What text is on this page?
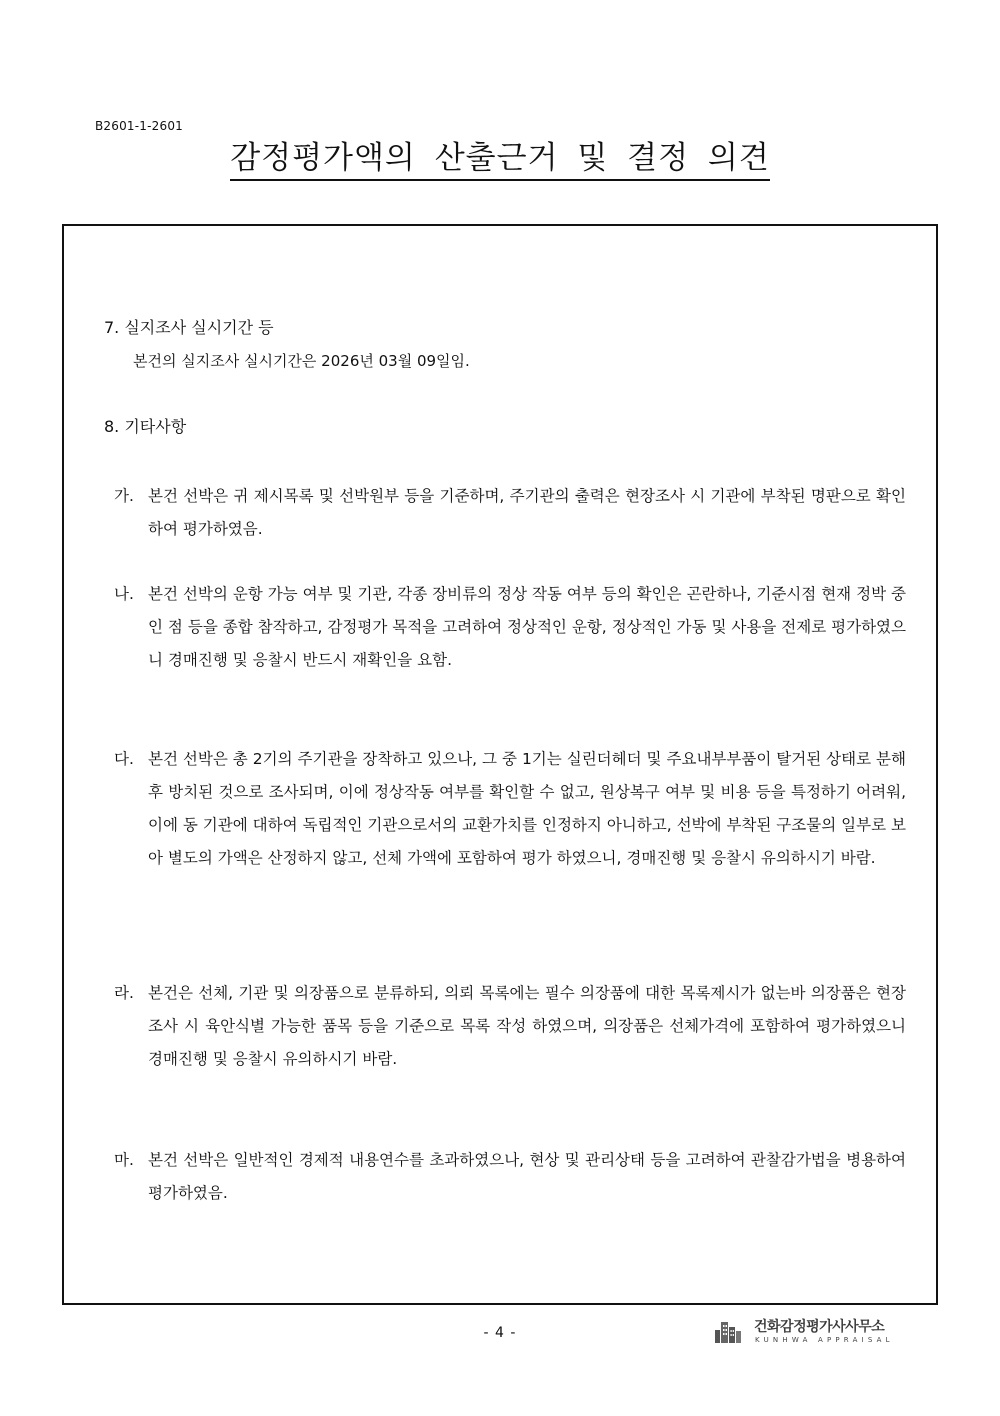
B2601-1-2601
감정평가액의 산출근거 및 결정 의견

7. 실지조사 실시기간 등

본건의 실지조사 실시기간은 2026년 03월 09일임.

8. 기타사항

가. 본건 선박은 귀 제시목록 및 선박원부 등을 기준하며, 주기관의 출력은 현장조사 시 기관에 부착된 명판으로 확인하여 평가하였음.
나. 본건 선박의 운항 가능 여부 및 기관, 각종 장비류의 정상 작동 여부 등의 확인은 곤란하나, 기준시점 현재 정박 중인 점 등을 종합 참작하고, 감정평가 목적을 고려하여 정상적인 운항, 정상적인 가동 및 사용을 전제로 평가하였으니 경매진행 및 응찰시 반드시 재확인을 요함.
다. 본건 선박은 총 2기의 주기관을 장착하고 있으나, 그 중 1기는 실린더헤더 및 주요내부부품이 탈거된 상태로 분해 후 방치된 것으로 조사되며, 이에 정상작동 여부를 확인할 수 없고, 원상복구 여부 및 비용 등을 특정하기 어려워, 이에 동 기관에 대하여 독립적인 기관으로서의 교환가치를 인정하지 아니하고, 선박에 부착된 구조물의 일부로 보아 별도의 가액은 산정하지 않고, 선체 가액에 포함하여 평가 하였으니, 경매진행 및 응찰시 유의하시기 바람.
라. 본건은 선체, 기관 및 의장품으로 분류하되, 의뢰 목록에는 필수 의장품에 대한 목록제시가 없는바 의장품은 현장조사 시 육안식별 가능한 품목 등을 기준으로 목록 작성 하였으며, 의장품은 선체가격에 포함하여 평가하였으니 경매진행 및 응찰시 유의하시기 바람.
마. 본건 선박은 일반적인 경제적 내용연수를 초과하였으나, 현상 및 관리상태 등을 고려하여 관찰감가법을 병용하여 평가하였음.
- 4 -	건화감정평가사사무소
KUNHWA APPRAISAL
